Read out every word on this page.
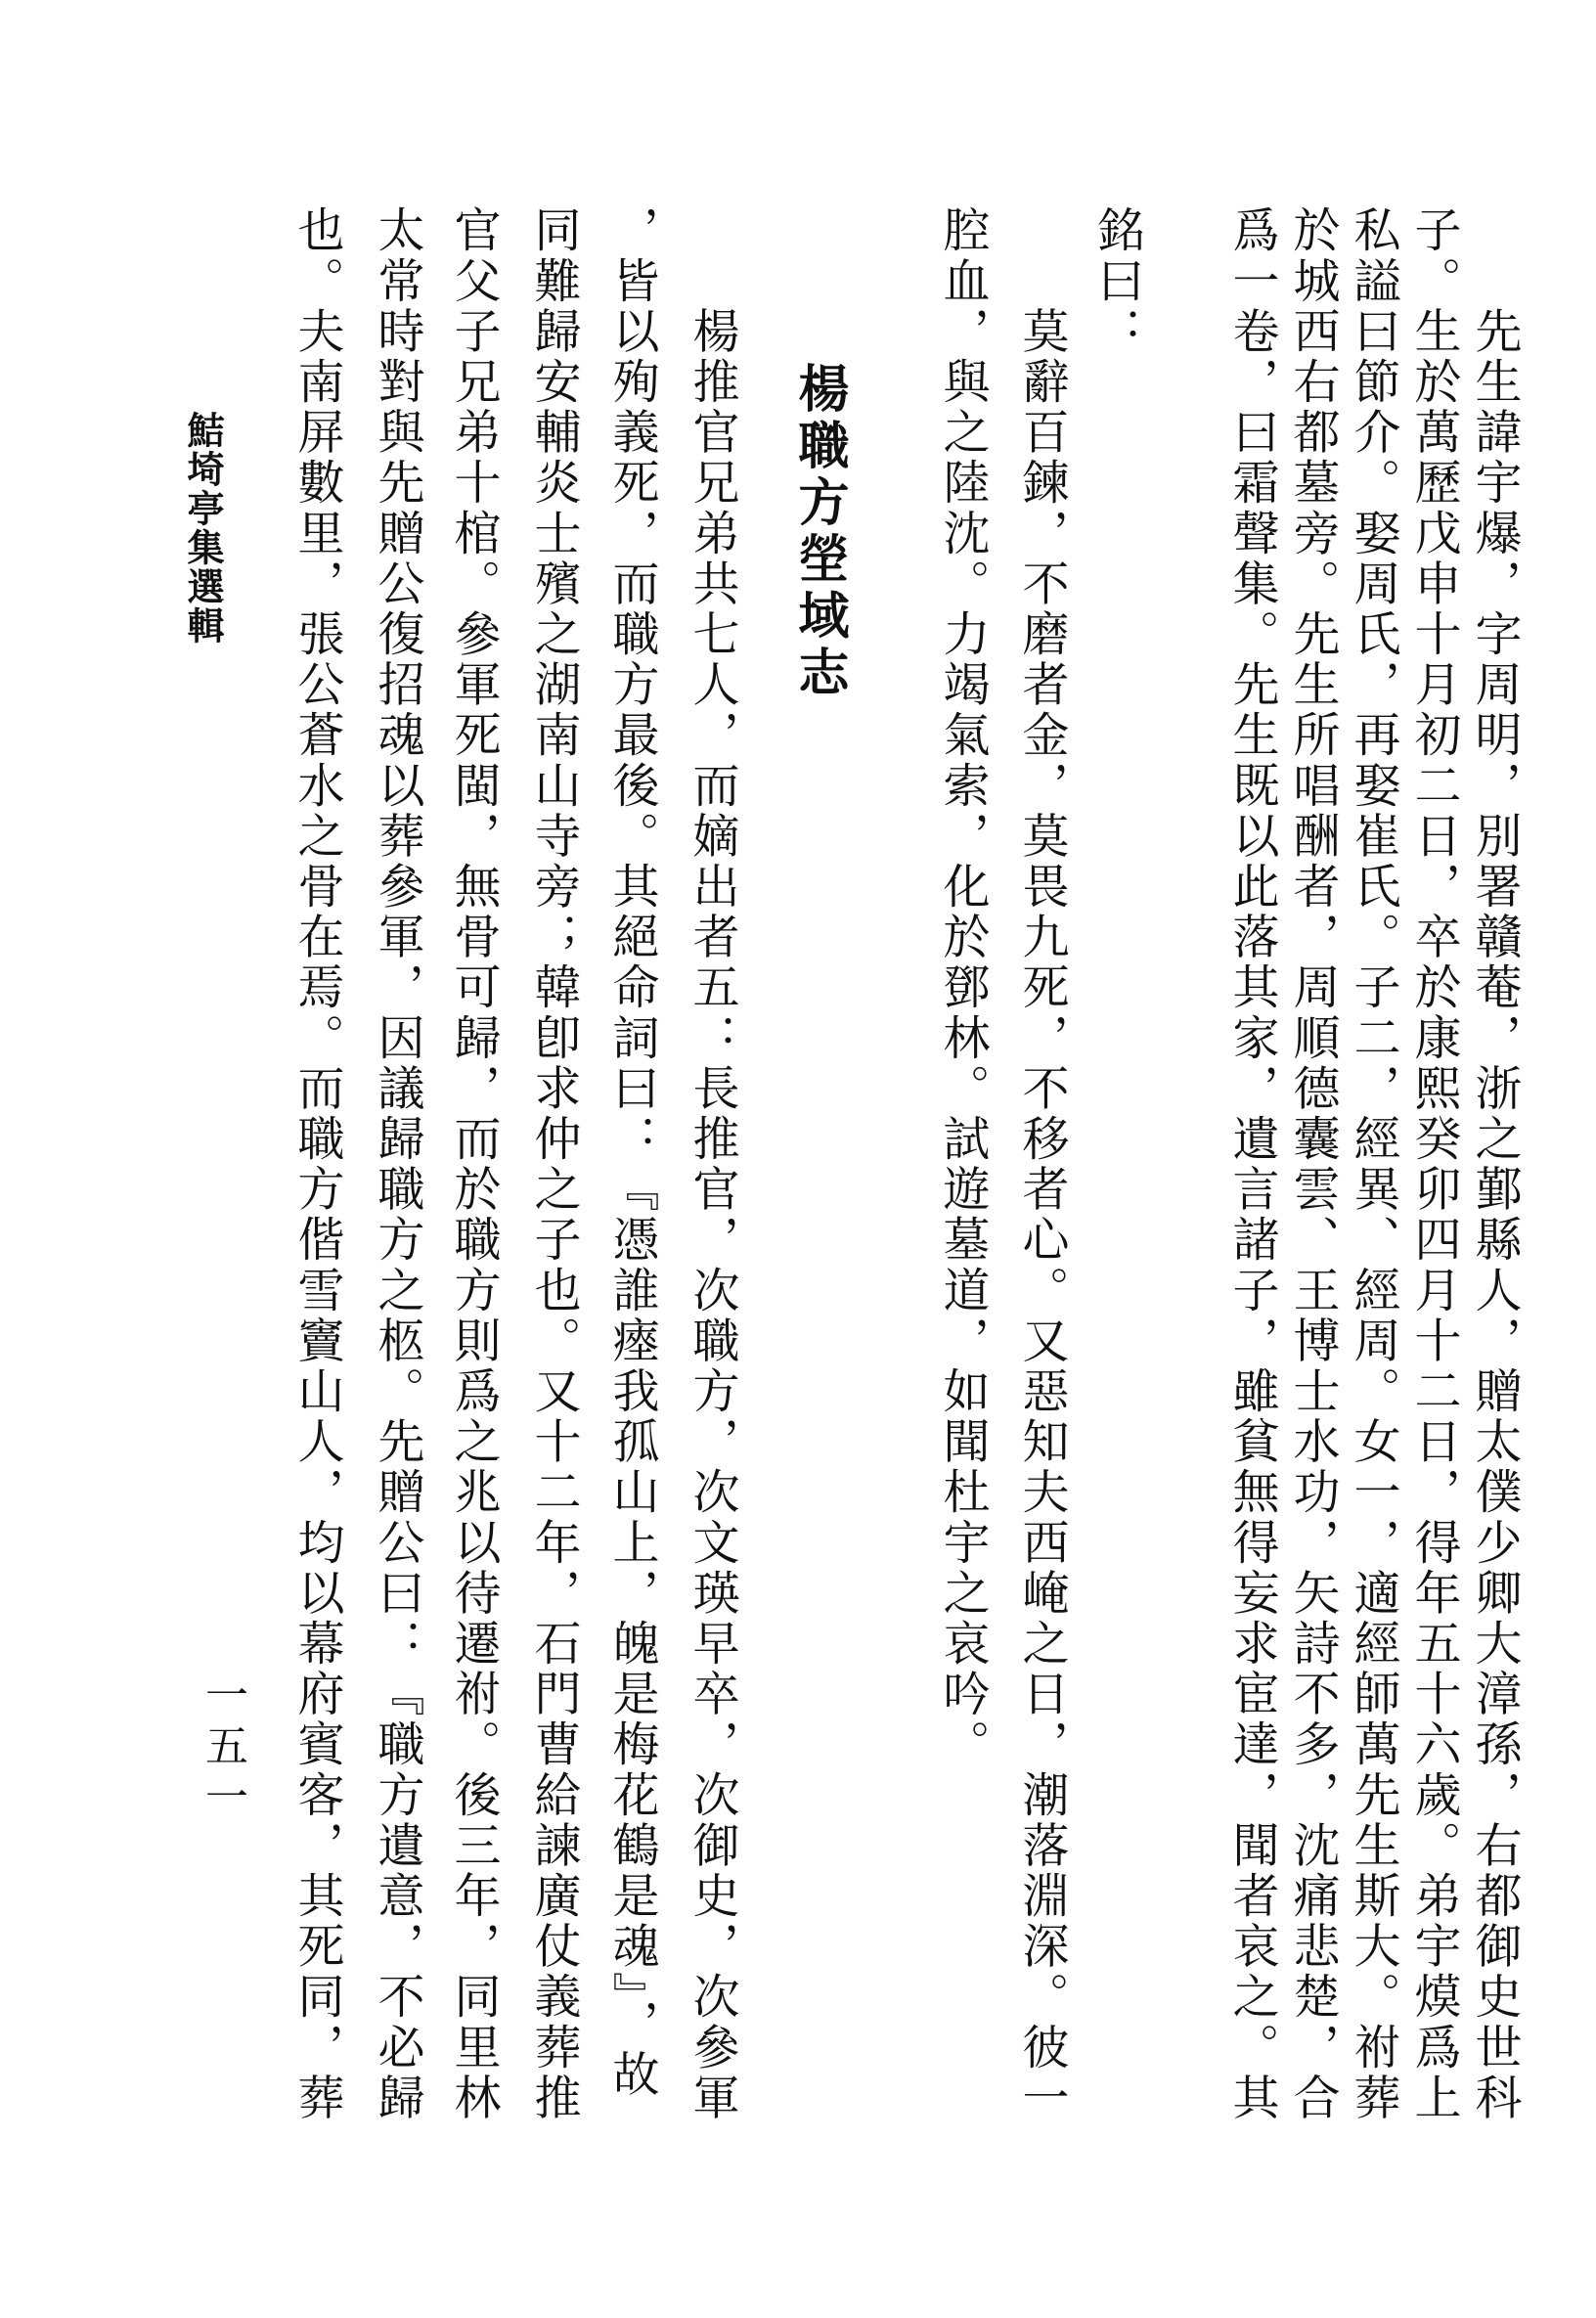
　　先生諱宇爆，字周明，別署贛菴，浙之鄞縣人，贈太僕少卿大漳孫，右都御史世科
子。生於萬歷戊申十月初二日，卒於康熙癸卯四月十二日，得年五十六歲。弟宇㷬爲上
私謚曰節介。娶周氏，再娶崔氏。子二，經異、經周。女一，適經師萬先生斯大。祔葬
於城西右都墓旁。先生所唱酬者，周順德囊雲、王博士水功，矢詩不多，沈痛悲楚，合
爲一卷，曰霜聲集。先生既以此落其家，遺言諸子，雖貧無得妄求宦達，聞者哀之。其
銘曰：
　　莫辭百鍊，不磨者金，莫畏九死，不移者心。又惡知夫西崦之日，潮落淵深。彼一
腔血，與之陸沈。力竭氣索，化於鄧林。試遊墓道，如聞杜宇之哀吟。
楊職方塋域志
　　楊推官兄弟共七人，而嫡出者五：長推官，次職方，次文瑛早卒，次御史，次參軍
，皆以殉義死，而職方最後。其絕命詞曰：『憑誰瘞我孤山上，魄是梅花鶴是魂』，故
同難歸安輔炎士殯之湖南山寺旁；韓卽求仲之子也。又十二年，石門曹給諫廣仗義葬推
官父子兄弟十棺。參軍死閩，無骨可歸，而於職方則爲之兆以待遷祔。後三年，同里林
太常時對與先贈公復招魂以葬參軍，因議歸職方之柩。先贈公曰：『職方遺意，不必歸
也。夫南屏數里，張公蒼水之骨在焉。而職方偕雪竇山人，均以幕府賓客，其死同，葬
鮚埼亭集選輯
一五一
